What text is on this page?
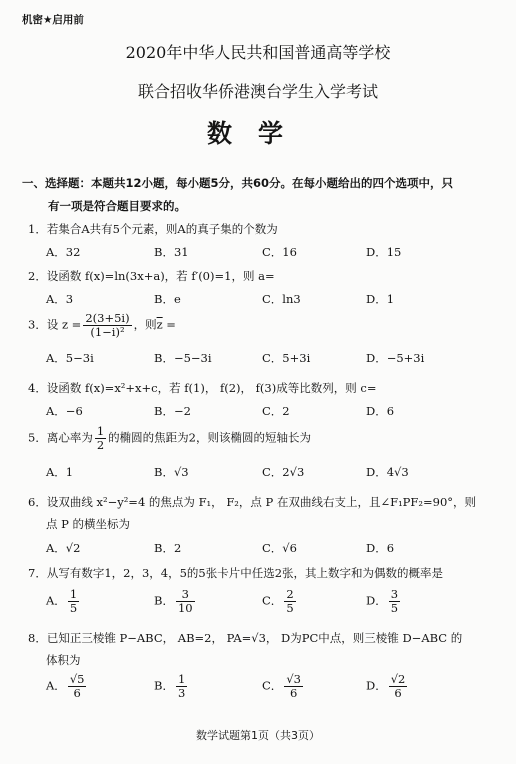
机密★启用前
2020年中华人民共和国普通高等学校
联合招收华侨港澳台学生入学考试
数学
一、选择题：本题共12小题，每小题5分，共60分。在每小题给出的四个选项中，只
有一项是符合题目要求的。
1．若集合A共有5个元素，则A的真子集的个数为
A．32	B．31	C．16	D．15
2．设函数 f(x)=ln(3x+a)，若 f′(0)=1，则 a=
A．3	B．e	C．ln3	D．1
3．设 $z = \frac{2(3+5i)}{\text{(1−i)²}}$ ，则$\overline{z}$ =
A．5−3i	B．−5−3i	C．5+3i	D．−5+3i
4．设函数 f(x)=x²+x+c，若 f(1)， f(2)， f(3)成等比数列，则 c=
A．−6	B．−2	C．2	D．6
5．离心率为 $\frac{1}{2}$ 的椭圆的焦距为2，则该椭圆的短轴长为
A．1	B．√3	C．2√3	D．4√3
6．设双曲线 x²−y²=4 的焦点为 F₁， F₂，点 P 在双曲线右支上，且∠F₁PF₂=90°，则
点 P 的横坐标为
A．√2	B．2	C．√6	D．6
7．从写有数字1，2，3，4，5的5张卡片中任选2张，其上数字和为偶数的概率是
A． $\frac{1}{5}$	B． $\frac{3}{10}$	C． $\frac{2}{5}$	D． $\frac{3}{5}$
8．已知正三棱锥 P−ABC， AB=2， PA=√3， D为PC中点，则三棱锥 D−ABC 的
体积为
A． $\frac{√5}{6}$	B． $\frac{1}{3}$	C． $\frac{√3}{6}$	D． $\frac{√2}{6}$
数学试题第1页（共3页）
